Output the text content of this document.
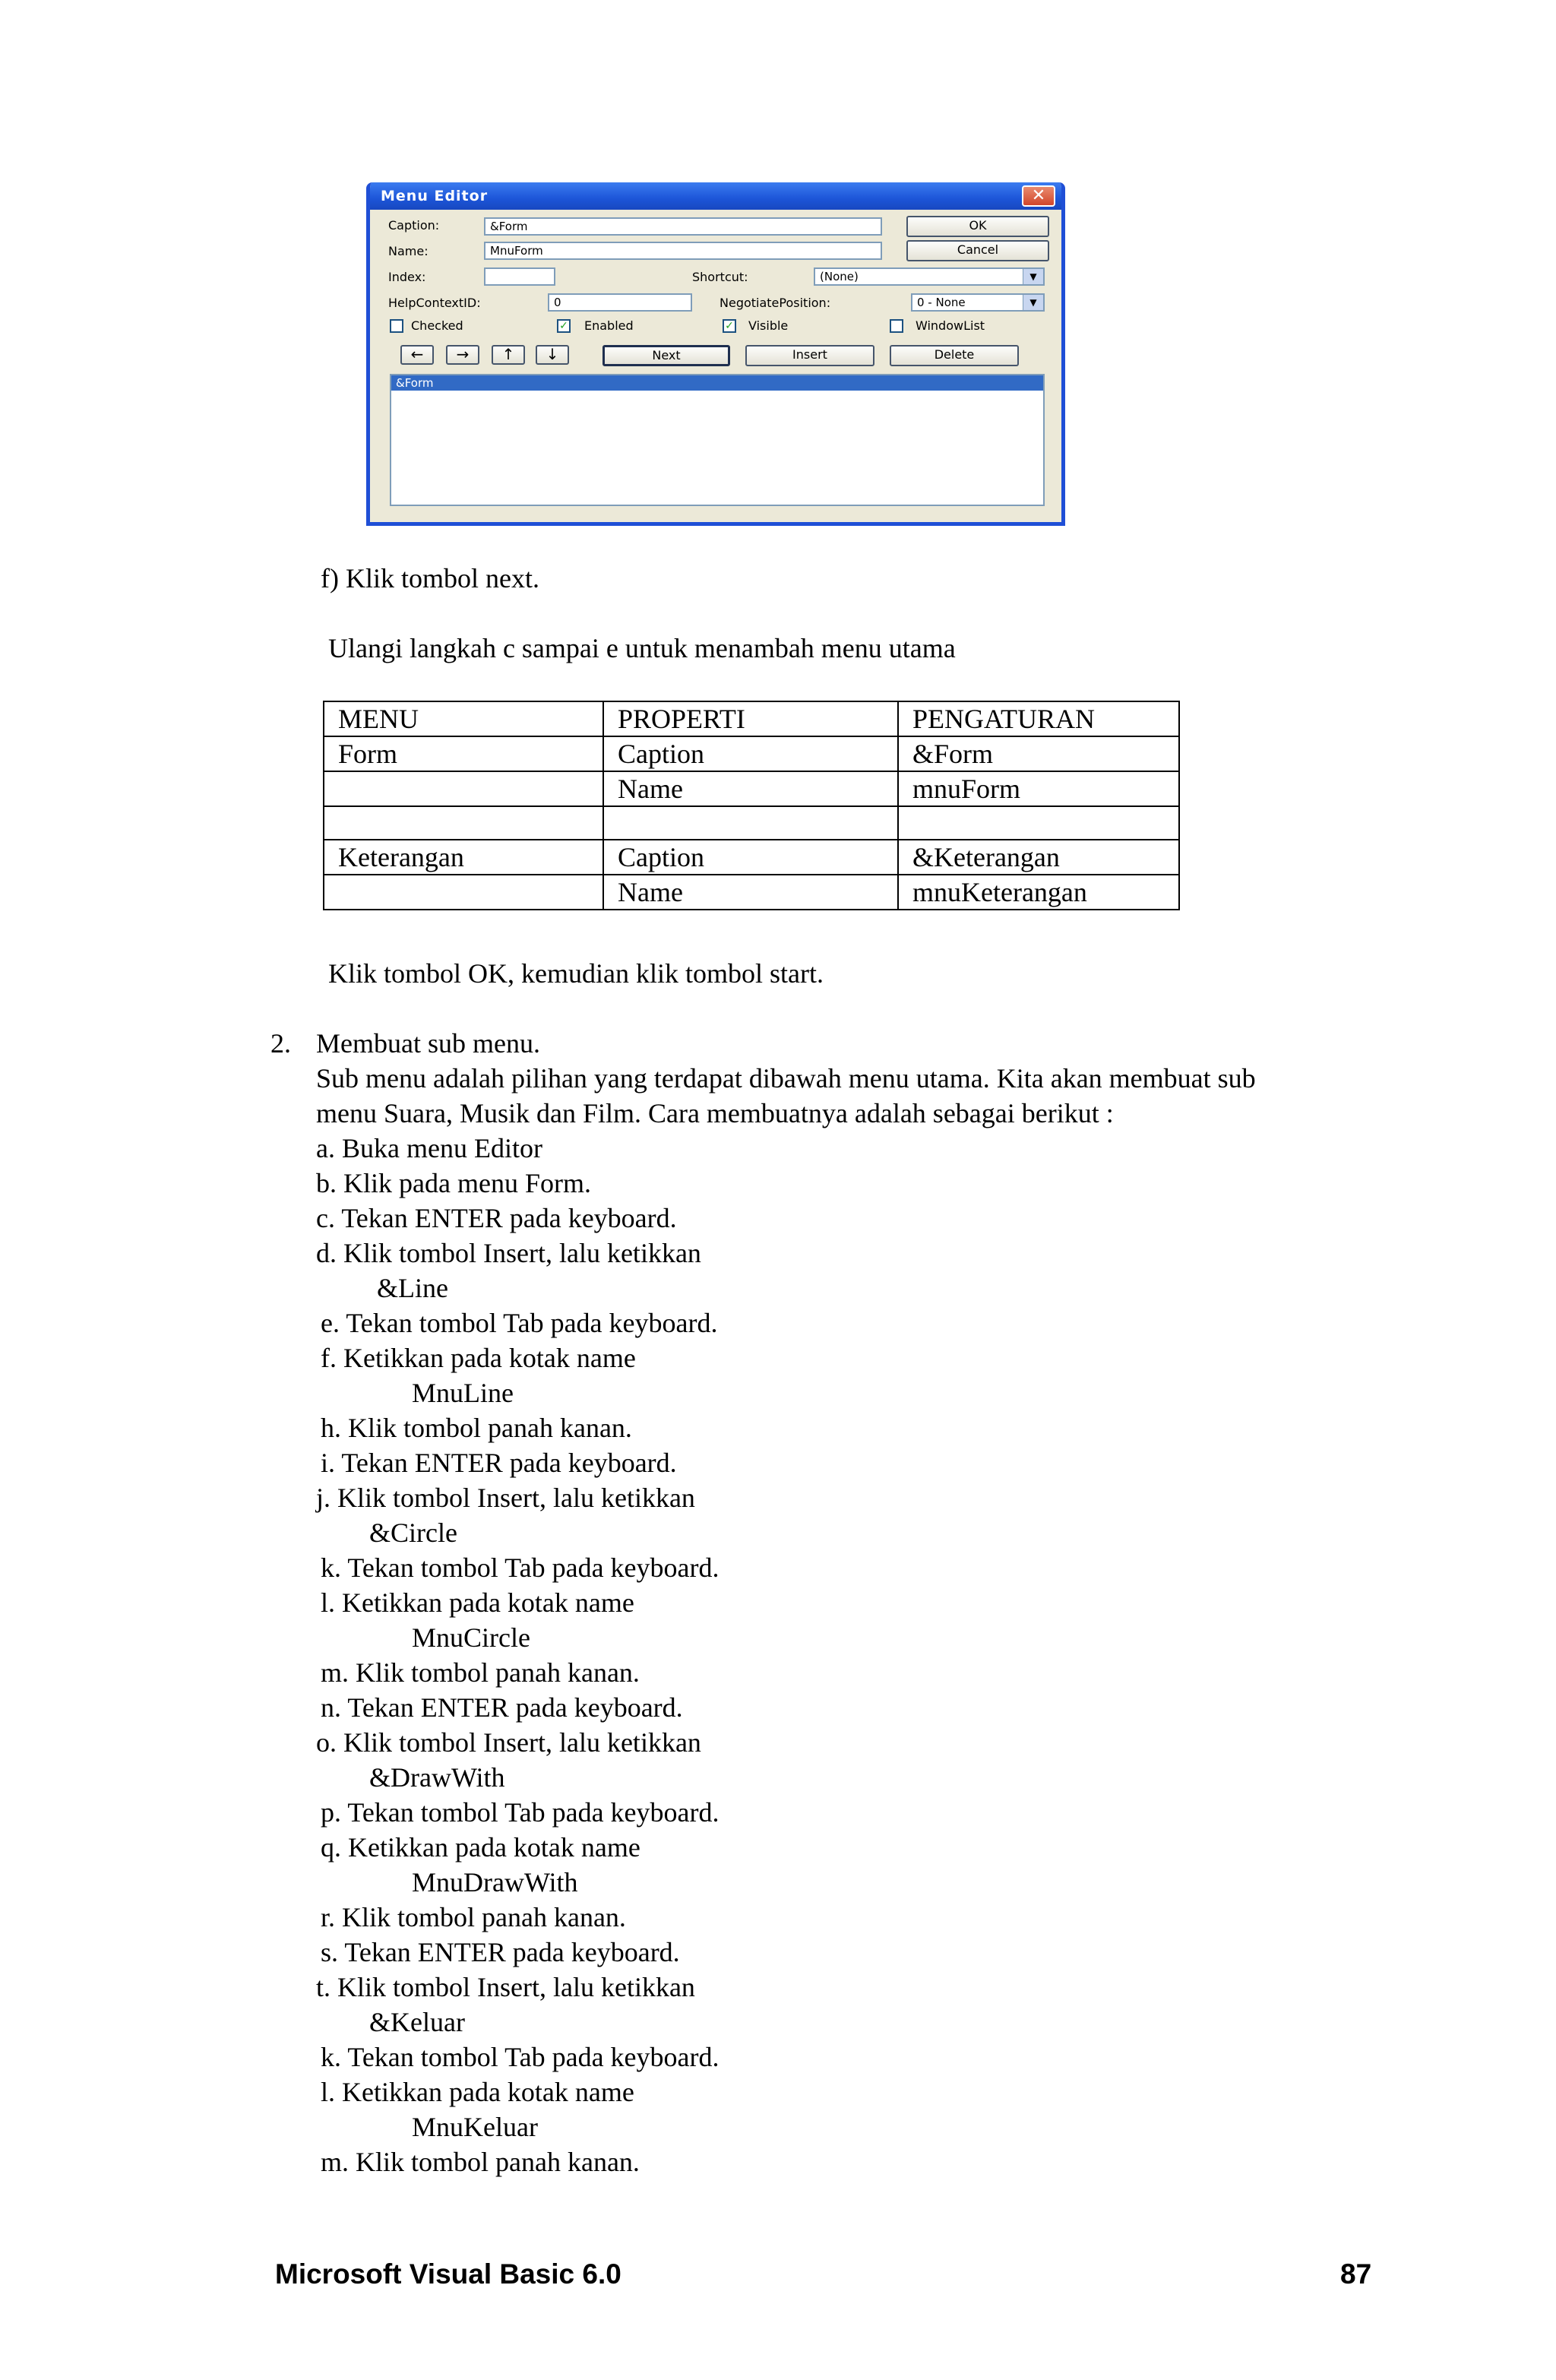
Menu Editor	✕
Caption:	&Form	OK
Name:	MnuForm	Cancel
Index:	Shortcut:	(None)	▼
HelpContextID:	0	NegotiatePosition:	0 - None	▼
Checked	✓ Enabled	✓ Visible	WindowList
←	→	↑	↓	Next	Insert	Delete
&Form
f) Klik tombol next.
Ulangi langkah c sampai e untuk menambah menu utama
MENU	PROPERTI	PENGATURAN
Form	Caption	&Form
	Name	mnuForm

Keterangan	Caption	&Keterangan
	Name	mnuKeterangan
Klik tombol OK, kemudian klik tombol start.
2. Membuat sub menu.
Sub menu adalah pilihan yang terdapat dibawah menu utama. Kita akan membuat sub
menu Suara, Musik dan Film. Cara membuatnya adalah sebagai berikut :
a. Buka menu Editor
b. Klik pada menu Form.
c. Tekan ENTER pada keyboard.
d. Klik tombol Insert, lalu ketikkan
&Line
e. Tekan tombol Tab pada keyboard.
f. Ketikkan pada kotak name
MnuLine
h. Klik tombol panah kanan.
i. Tekan ENTER pada keyboard.
j. Klik tombol Insert, lalu ketikkan
&Circle
k. Tekan tombol Tab pada keyboard.
l. Ketikkan pada kotak name
MnuCircle
m. Klik tombol panah kanan.
n. Tekan ENTER pada keyboard.
o. Klik tombol Insert, lalu ketikkan
&DrawWith
p. Tekan tombol Tab pada keyboard.
q. Ketikkan pada kotak name
MnuDrawWith
r. Klik tombol panah kanan.
s. Tekan ENTER pada keyboard.
t. Klik tombol Insert, lalu ketikkan
&Keluar
k. Tekan tombol Tab pada keyboard.
l. Ketikkan pada kotak name
MnuKeluar
m. Klik tombol panah kanan.
Microsoft Visual Basic 6.0	87
